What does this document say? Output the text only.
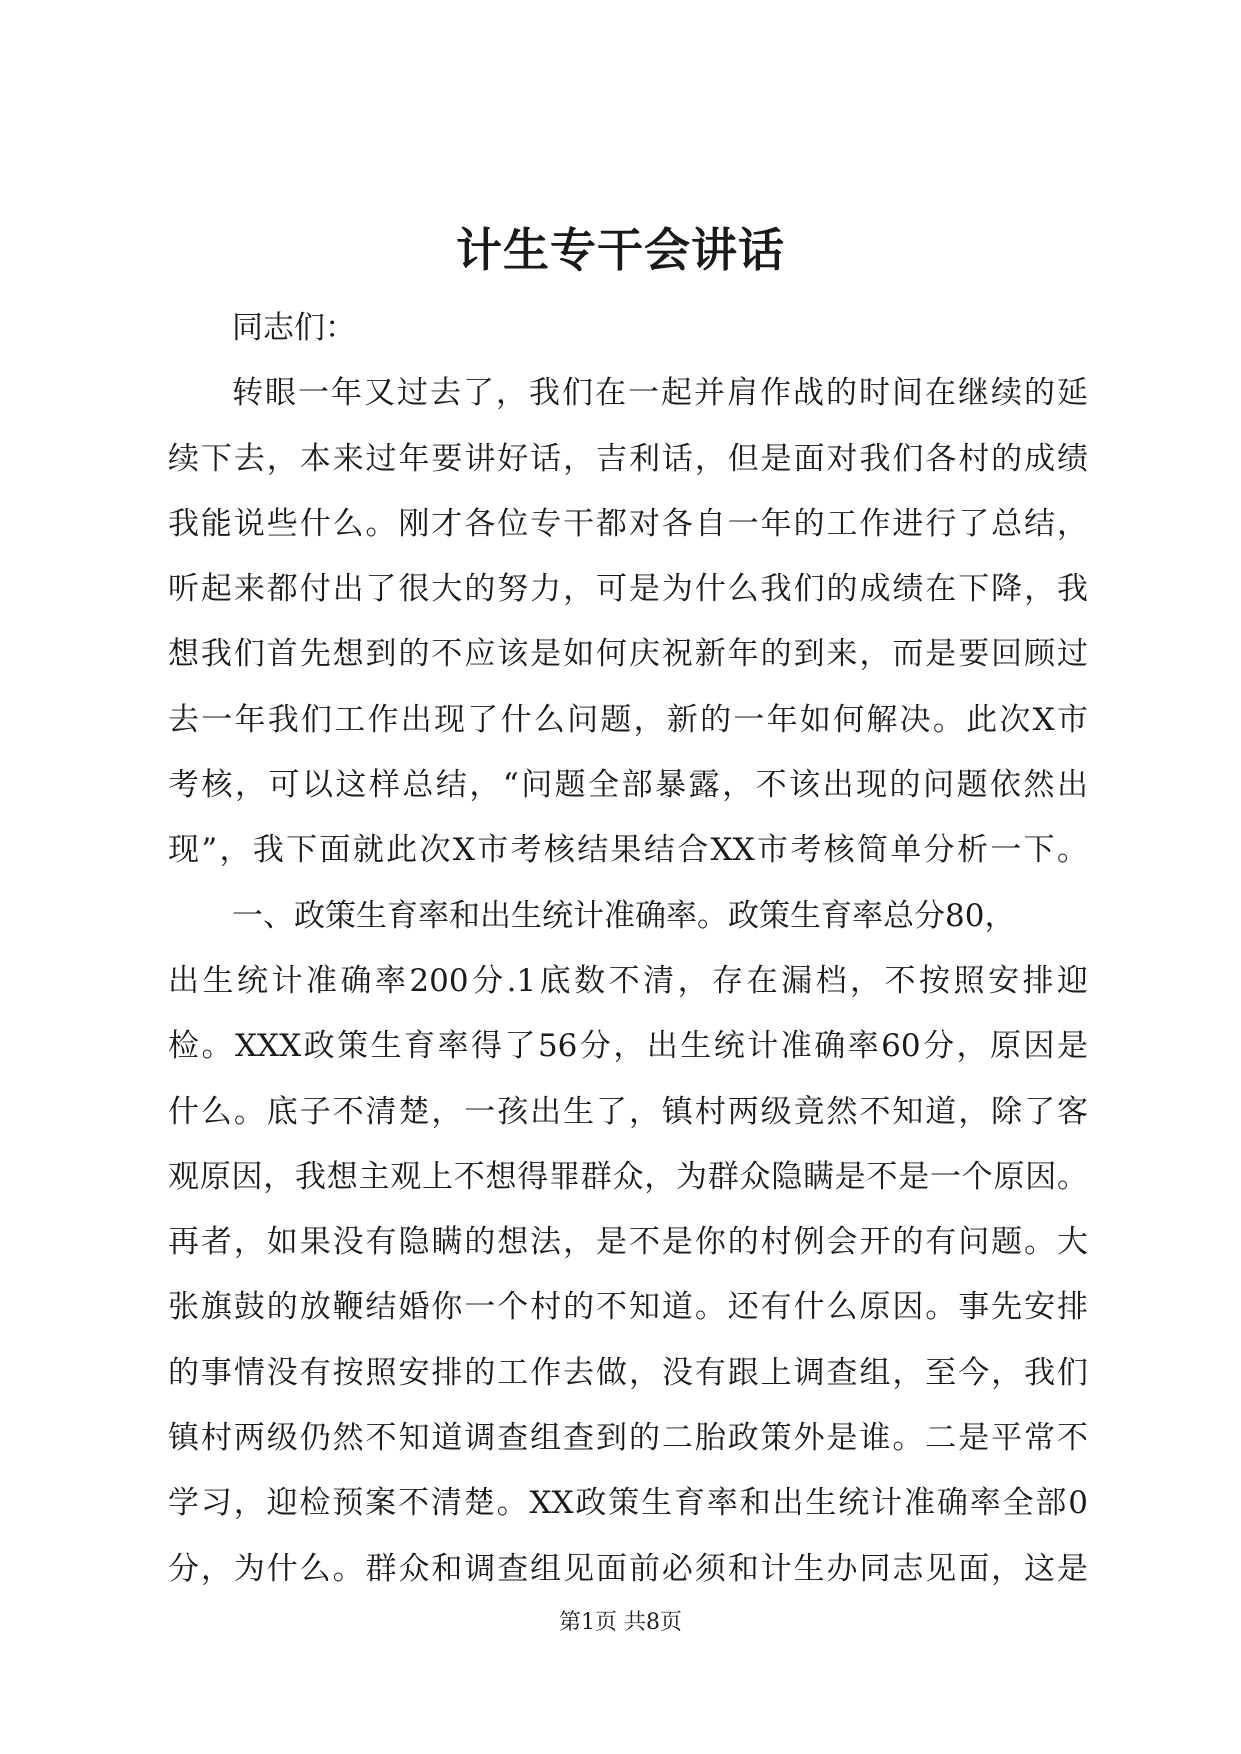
计生专干会讲话
同志们：
转眼一年又过去了，我们在一起并肩作战的时间在继续的延
续下去，本来过年要讲好话，吉利话，但是面对我们各村的成绩
我能说些什么。刚才各位专干都对各自一年的工作进行了总结，
听起来都付出了很大的努力，可是为什么我们的成绩在下降，我
想我们首先想到的不应该是如何庆祝新年的到来，而是要回顾过
去一年我们工作出现了什么问题，新的一年如何解决。此次X市
考核，可以这样总结，“问题全部暴露，不该出现的问题依然出
现”，我下面就此次X市考核结果结合XX市考核简单分析一下。
一、政策生育率和出生统计准确率。政策生育率总分80，
出生统计准确率200分.1底数不清，存在漏档，不按照安排迎
检。XXX政策生育率得了56分，出生统计准确率60分，原因是
什么。底子不清楚，一孩出生了，镇村两级竟然不知道，除了客
观原因，我想主观上不想得罪群众，为群众隐瞒是不是一个原因。
再者，如果没有隐瞒的想法，是不是你的村例会开的有问题。大
张旗鼓的放鞭结婚你一个村的不知道。还有什么原因。事先安排
的事情没有按照安排的工作去做，没有跟上调查组，至今，我们
镇村两级仍然不知道调查组查到的二胎政策外是谁。二是平常不
学习，迎检预案不清楚。XX政策生育率和出生统计准确率全部0
分，为什么。群众和调查组见面前必须和计生办同志见面，这是
第1页 共8页
